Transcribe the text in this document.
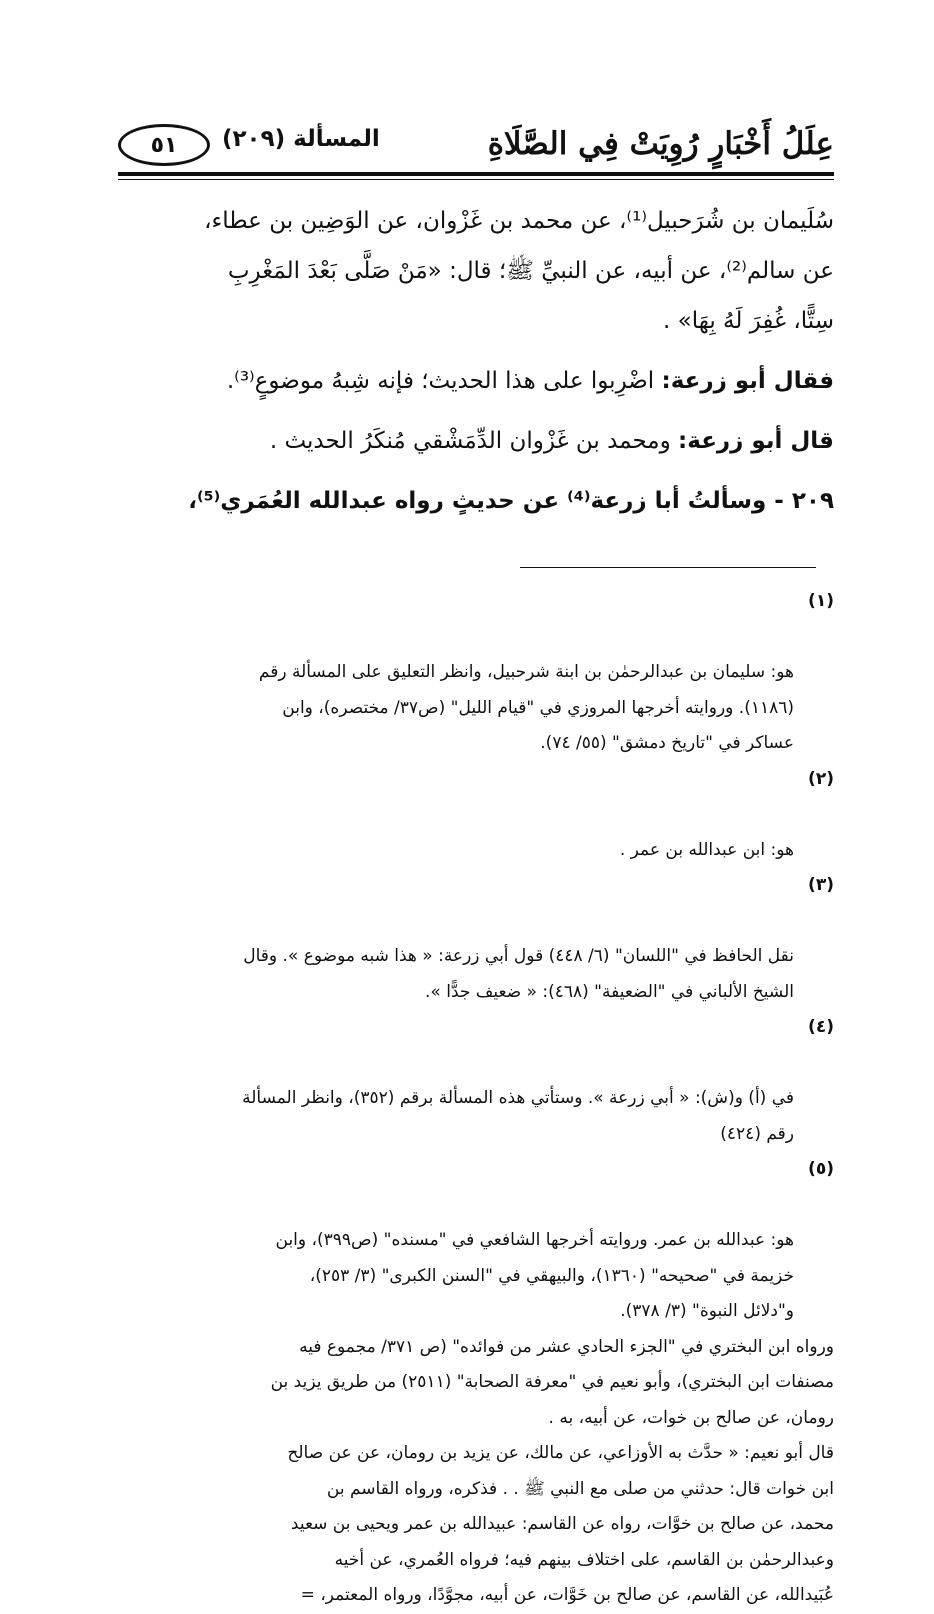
عِلَلُ أَخْبَارٍ رُوِيَتْ فِي الصَّلَاةِ
المسألة (٢٠٩)
٥١

سُلَيمان بن شُرَحبيل⁽¹⁾، عن محمد بن غَزْوان، عن الوَضِين بن عطاء،
عن سالم⁽²⁾، عن أبيه، عن النبيِّ ﷺ؛ قال: «مَنْ صَلَّى بَعْدَ المَغْرِبِ
سِتًّا، غُفِرَ لَهُ بِهَا» .

فقال أبو زرعة: اضْرِبوا على هذا الحديث؛ فإنه شِبهُ موضوعٍ⁽³⁾.

قال أبو زرعة: ومحمد بن غَزْوان الدِّمَشْقي مُنكَرُ الحديث .

٢٠٩ - وسألتُ أبا زرعة⁽⁴⁾ عن حديثٍ رواه عبدالله العُمَري⁽⁵⁾،

(١)

هو: سليمان بن عبدالرحمٰن بن ابنة شرحبيل، وانظر التعليق على المسألة رقم
(١١٨٦). وروايته أخرجها المروزي في "قيام الليل" (ص٣٧/ مختصره)، وابن
عساكر في "تاريخ دمشق" (٥٥/ ٧٤).

(٢)

هو: ابن عبدالله بن عمر .

(٣)

نقل الحافظ في "اللسان" (٦/ ٤٤٨) قول أبي زرعة: « هذا شبه موضوع ». وقال
الشيخ الألباني في "الضعيفة" (٤٦٨): « ضعيف جدًّا ».

(٤)

في (أ) و(ش): « أبي زرعة ». وستأتي هذه المسألة برقم (٣٥٢)، وانظر المسألة
رقم (٤٢٤)

(٥)

هو: عبدالله بن عمر. وروايته أخرجها الشافعي في "مسنده" (ص٣٩٩)، وابن
خزيمة في "صحيحه" (١٣٦٠)، والبيهقي في "السنن الكبرى" (٣/ ٢٥٣)،
و"دلائل النبوة" (٣/ ٣٧٨).

ورواه ابن البختري في "الجزء الحادي عشر من فوائده" (ص ٣٧١/ مجموع فيه
مصنفات ابن البختري)، وأبو نعيم في "معرفة الصحابة" (٢٥١١) من طريق يزيد بن
رومان، عن صالح بن خوات، عن أبيه، به .
قال أبو نعيم: « حدَّث به الأوزاعي، عن مالك، عن يزيد بن رومان، عن عن صالح
ابن خوات قال: حدثني من صلى مع النبي ﷺ . . فذكره، ورواه القاسم بن
محمد، عن صالح بن خوَّات، رواه عن القاسم: عبيدالله بن عمر ويحيى بن سعيد
وعبدالرحمٰن بن القاسم، على اختلاف بينهم فيه؛ فرواه العُمري، عن أخيه
عُبَيدالله، عن القاسم، عن صالح بن خَوَّات، عن أبيه، مجوَّدًا، ورواه المعتمر، =
